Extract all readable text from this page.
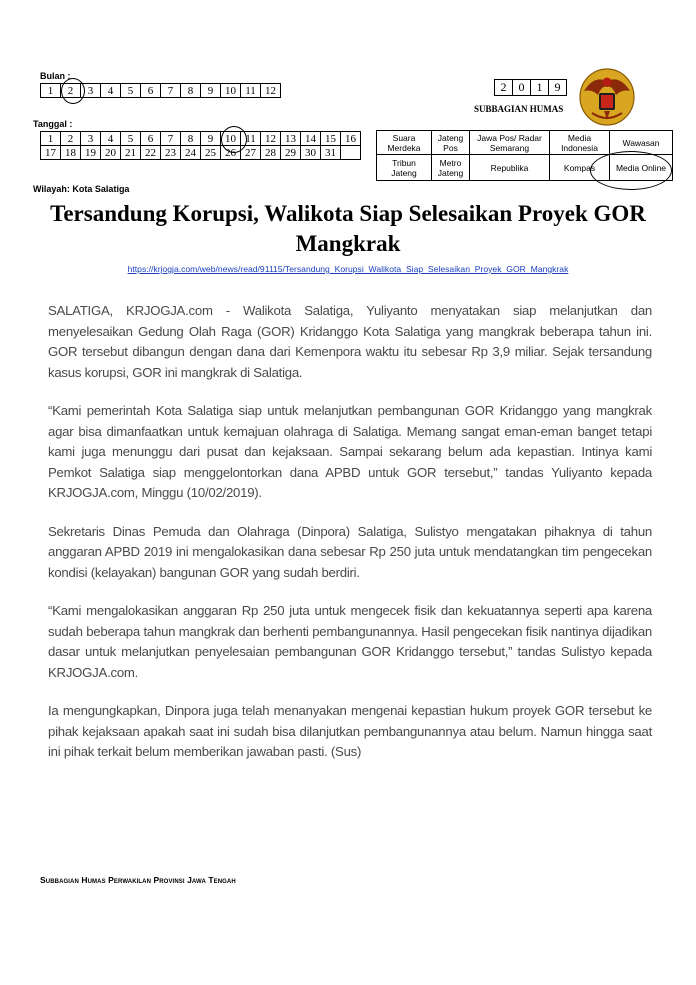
Bulan :
1	2	3	4	5	6	7	8	9	10	11	12
Tanggal :
1	2	3	4	5	6	7	8	9	10	11	12	13	14	15	16
17	18	19	20	21	22	23	24	25	26	27	28	29	30	31	
2	0	1	9
SUBBAGIAN HUMAS
Suara Merdeka	Jateng Pos	Jawa Pos/ Radar Semarang	Media Indonesia	Wawasan
Tribun Jateng	Metro Jateng	Republika	Kompas	Media Online
Wilayah: Kota Salatiga
Tersandung Korupsi, Walikota Siap Selesaikan Proyek GOR Mangkrak
https://krjogja.com/web/news/read/91115/Tersandung_Korupsi_Walikota_Siap_Selesaikan_Proyek_GOR_Mangkrak

SALATIGA, KRJOGJA.com - Walikota Salatiga, Yuliyanto menyatakan siap melanjutkan dan menyelesaikan Gedung Olah Raga (GOR) Kridanggo Kota Salatiga yang mangkrak beberapa tahun ini. GOR tersebut dibangun dengan dana dari Kemenpora waktu itu sebesar Rp 3,9 miliar. Sejak tersandung kasus korupsi, GOR ini mangkrak di Salatiga.

“Kami pemerintah Kota Salatiga siap untuk melanjutkan pembangunan GOR Kridanggo yang mangkrak agar bisa dimanfaatkan untuk kemajuan olahraga di Salatiga. Memang sangat eman-eman banget tetapi kami juga menunggu dari pusat dan kejaksaan. Sampai sekarang belum ada kepastian. Intinya kami Pemkot Salatiga siap menggelontorkan dana APBD untuk GOR tersebut,” tandas Yuliyanto kepada KRJOGJA.com, Minggu (10/02/2019).

Sekretaris Dinas Pemuda dan Olahraga (Dinpora) Salatiga, Sulistyo mengatakan pihaknya di tahun anggaran APBD 2019 ini mengalokasikan dana sebesar Rp 250 juta untuk mendatangkan tim pengecekan kondisi (kelayakan) bangunan GOR yang sudah berdiri.

“Kami mengalokasikan anggaran Rp 250 juta untuk mengecek fisik dan kekuatannya seperti apa karena sudah beberapa tahun mangkrak dan berhenti pembangunannya. Hasil pengecekan fisik nantinya dijadikan dasar untuk melanjutkan penyelesaian pembangunan GOR Kridanggo tersebut,” tandas Sulistyo kepada KRJOGJA.com.

Ia mengungkapkan, Dinpora juga telah menanyakan mengenai kepastian hukum proyek GOR tersebut ke pihak kejaksaan apakah saat ini sudah bisa dilanjutkan pembangunannya atau belum. Namun hingga saat ini pihak terkait belum memberikan jawaban pasti. (Sus)

Subbagian Humas Perwakilan Provinsi Jawa Tengah
